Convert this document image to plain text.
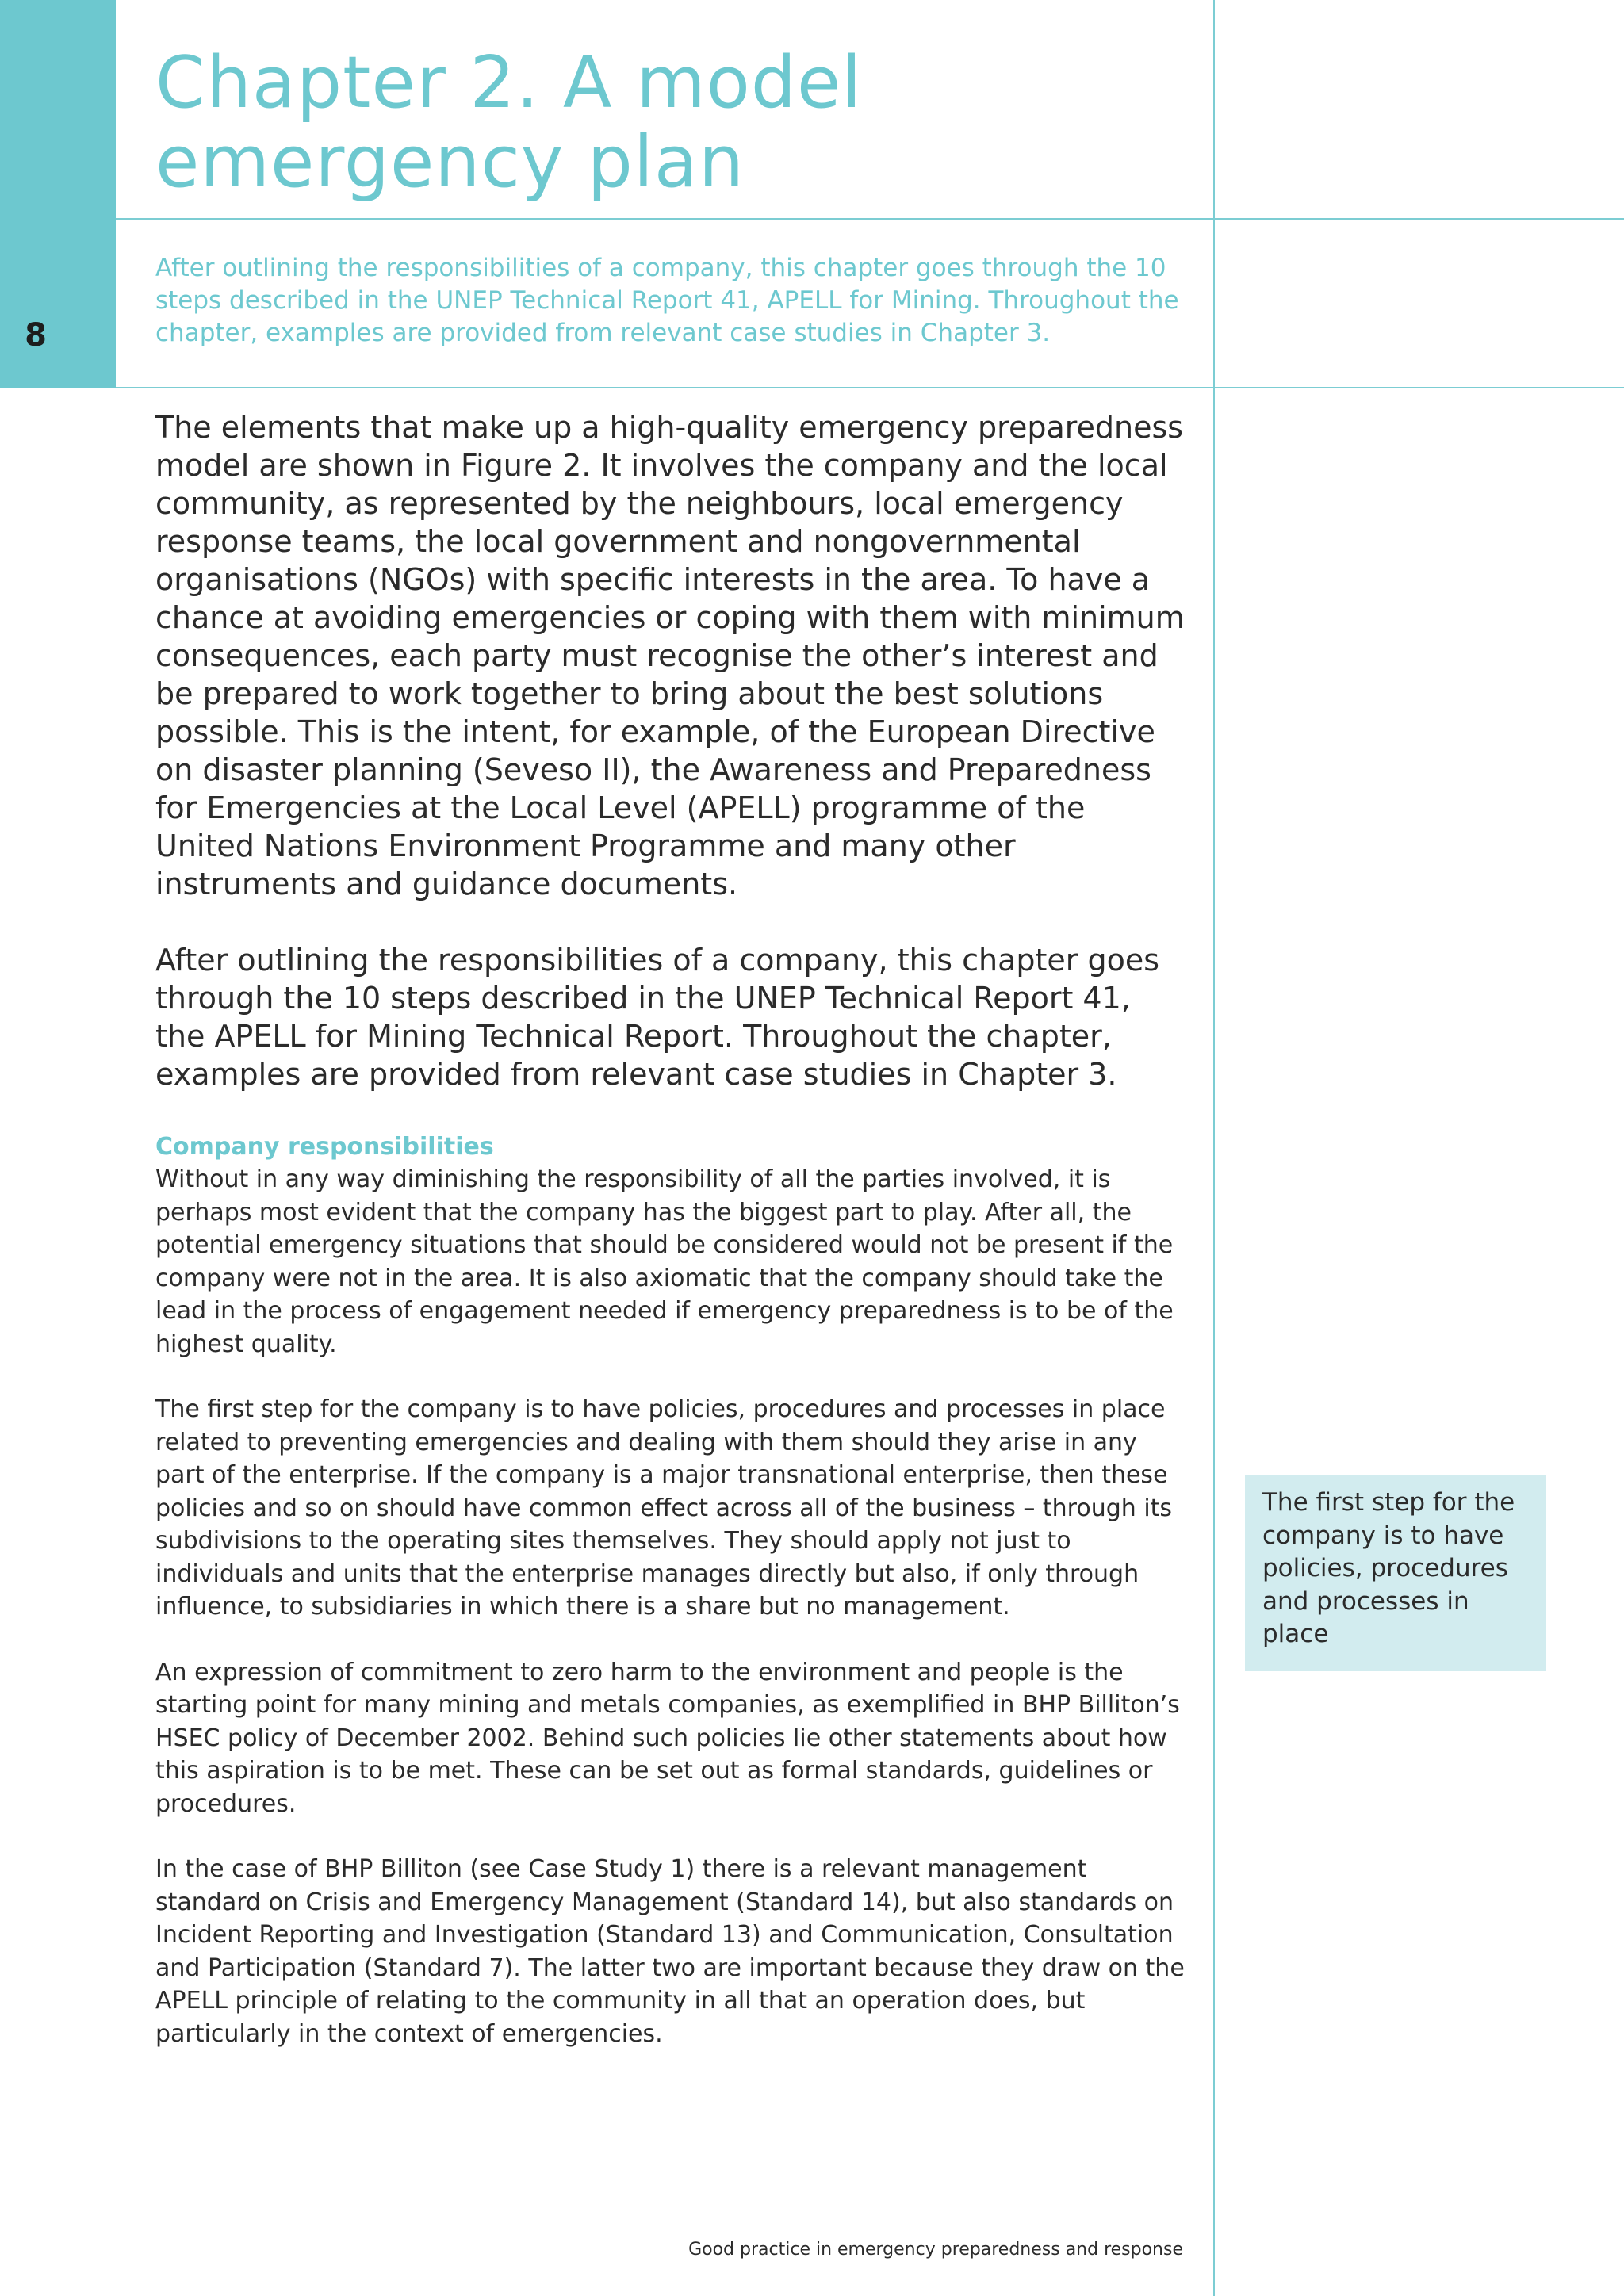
8
Chapter 2. A model emergency plan

After outlining the responsibilities of a company, this chapter goes through the 10 steps described in the UNEP Technical Report 41, APELL for Mining. Throughout the chapter, examples are provided from relevant case studies in Chapter 3.

The elements that make up a high-quality emergency preparedness model are shown in Figure 2. It involves the company and the local community, as represented by the neighbours, local emergency response teams, the local government and nongovernmental organisations (NGOs) with specific interests in the area. To have a chance at avoiding emergencies or coping with them with minimum consequences, each party must recognise the other’s interest and be prepared to work together to bring about the best solutions possible. This is the intent, for example, of the European Directive on disaster planning (Seveso II), the Awareness and Preparedness for Emergencies at the Local Level (APELL) programme of the United Nations Environment Programme and many other instruments and guidance documents.

After outlining the responsibilities of a company, this chapter goes through the 10 steps described in the UNEP Technical Report 41, the APELL for Mining Technical Report. Throughout the chapter, examples are provided from relevant case studies in Chapter 3.

Company responsibilities

Without in any way diminishing the responsibility of all the parties involved, it is perhaps most evident that the company has the biggest part to play. After all, the potential emergency situations that should be considered would not be present if the company were not in the area. It is also axiomatic that the company should take the lead in the process of engagement needed if emergency preparedness is to be of the highest quality.

The first step for the company is to have policies, procedures and processes in place related to preventing emergencies and dealing with them should they arise in any part of the enterprise. If the company is a major transnational enterprise, then these policies and so on should have common effect across all of the business – through its subdivisions to the operating sites themselves. They should apply not just to individuals and units that the enterprise manages directly but also, if only through influence, to subsidiaries in which there is a share but no management.

An expression of commitment to zero harm to the environment and people is the starting point for many mining and metals companies, as exemplified in BHP Billiton’s HSEC policy of December 2002. Behind such policies lie other statements about how this aspiration is to be met. These can be set out as formal standards, guidelines or procedures.

In the case of BHP Billiton (see Case Study 1) there is a relevant management standard on Crisis and Emergency Management (Standard 14), but also standards on Incident Reporting and Investigation (Standard 13) and Communication, Consultation and Participation (Standard 7). The latter two are important because they draw on the APELL principle of relating to the community in all that an operation does, but particularly in the context of emergencies.

The first step for the company is to have policies, procedures and processes in place
Good practice in emergency preparedness and response
